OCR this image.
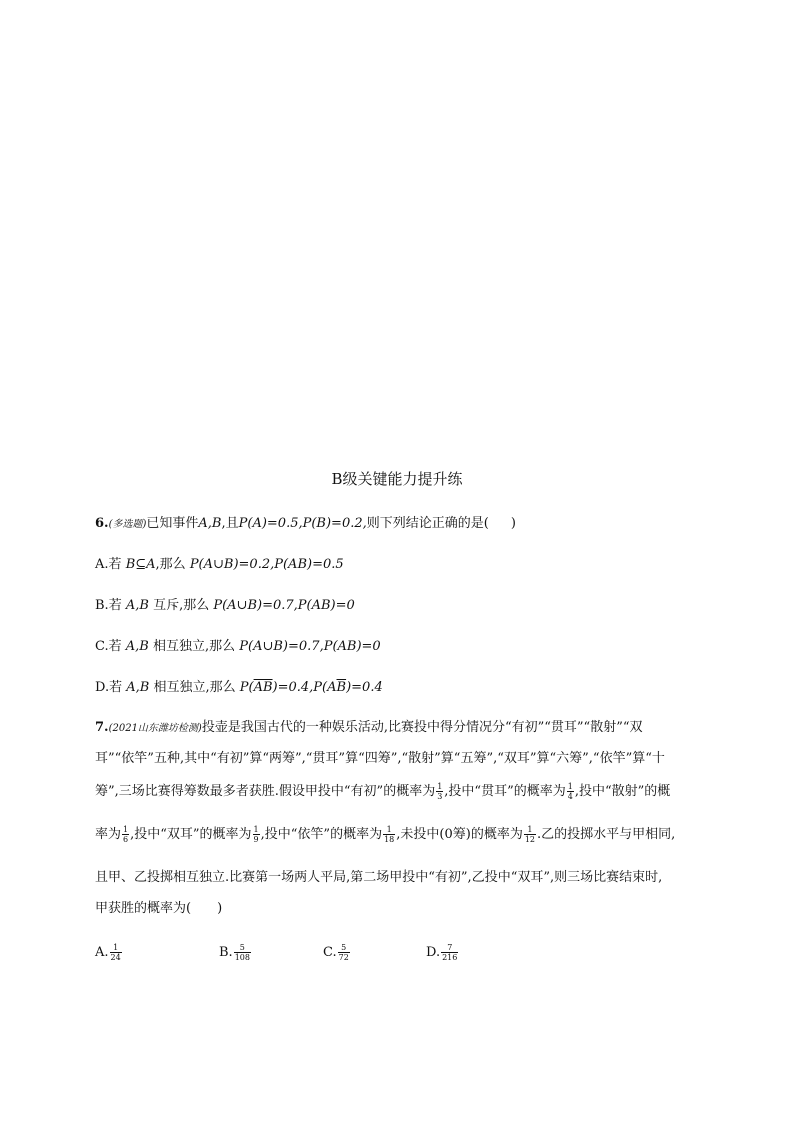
B级关键能力提升练
6.(多选题)已知事件A,B,且P(A)=0.5,P(B)=0.2,则下列结论正确的是( )
A.若 B⊆A,那么 P(A∪B)=0.2,P(AB)=0.5
B.若 A,B 互斥,那么 P(A∪B)=0.7,P(AB)=0
C.若 A,B 相互独立,那么 P(A∪B)=0.7,P(AB)=0
D.若 A,B 相互独立,那么 $P(\overline{AB})=0.4,P(A\overline{B})=0.4$
7.(2021山东潍坊检测)投壶是我国古代的一种娱乐活动,比赛投中得分情况分“有初”“贯耳”“散射”“双
耳”“依竿”五种,其中“有初”算“两筹”,“贯耳”算“四筹”,“散射”算“五筹”,“双耳”算“六筹”,“依竿”算“十
筹”,三场比赛得筹数最多者获胜.假设甲投中“有初”的概率为 $\frac{1}{3}$ ,投中“贯耳”的概率为 $\frac{1}{4}$ ,投中“散射”的概
率为 $\frac{1}{6}$ ,投中“双耳”的概率为 $\frac{1}{9}$ ,投中“依竿”的概率为 $\frac{1}{18}$ ,未投中(0筹)的概率为 $\frac{1}{12}$ .乙的投掷水平与甲相同,
且甲、乙投掷相互独立.比赛第一场两人平局,第二场甲投中“有初”,乙投中“双耳”,则三场比赛结束时,
甲获胜的概率为(　　)
A. $\frac{1}{24}$	B. $\frac{5}{108}$	C. $\frac{5}{72}$	D. $\frac{7}{216}$
